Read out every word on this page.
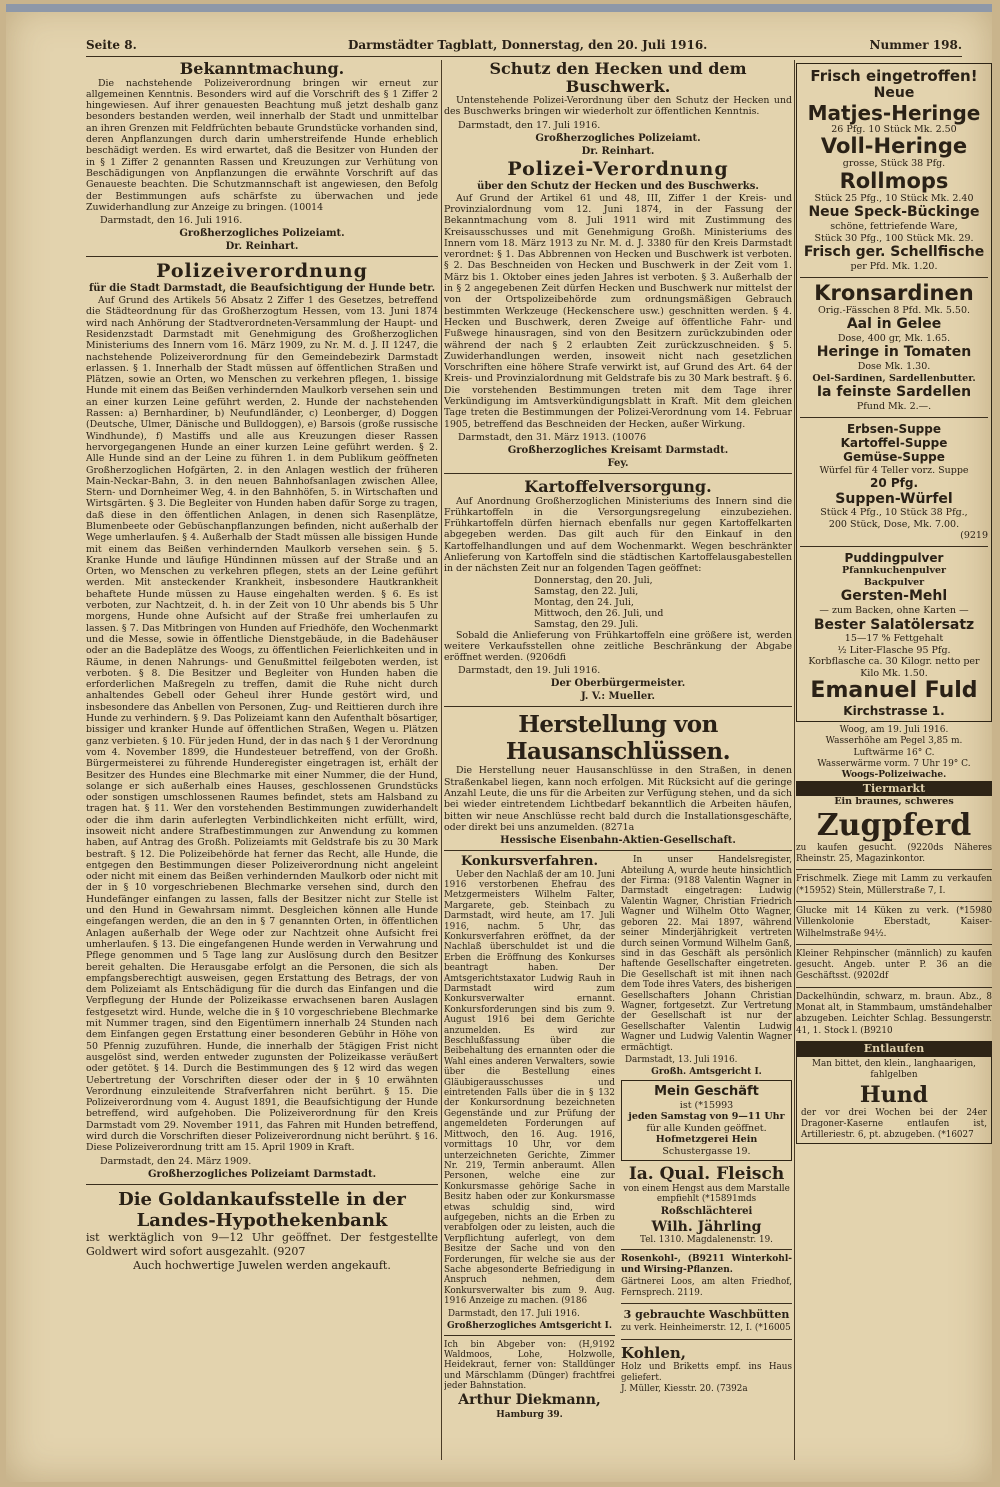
Seite 8.	Darmstädter Tagblatt, Donnerstag, den 20. Juli 1916.	Nummer 198.
Bekanntmachung.

Die nachstehende Polizeiverordnung bringen wir erneut zur allgemeinen Kenntnis. Besonders wird auf die Vorschrift des § 1 Ziffer 2 hingewiesen. Auf ihrer genauesten Beachtung muß jetzt deshalb ganz besonders bestanden werden, weil innerhalb der Stadt und unmittelbar an ihren Grenzen mit Feldfrüchten bebaute Grundstücke vorhanden sind, deren Anpflanzungen durch darin umherstreifende Hunde erheblich beschädigt werden. Es wird erwartet, daß die Besitzer von Hunden der in § 1 Ziffer 2 genannten Rassen und Kreuzungen zur Verhütung von Beschädigungen von Anpflanzungen die erwähnte Vorschrift auf das Genaueste beachten. Die Schutzmannschaft ist angewiesen, den Befolg der Bestimmungen aufs schärfste zu überwachen und jede Zuwiderhandlung zur Anzeige zu bringen. (10014

Darmstadt, den 16. Juli 1916.
Großherzogliches Polizeiamt.
Dr. Reinhart.
Polizeiverordnung
für die Stadt Darmstadt, die Beaufsichtigung der Hunde betr.

Auf Grund des Artikels 56 Absatz 2 Ziffer 1 des Gesetzes, betreffend die Städteordnung für das Großherzogtum Hessen, vom 13. Juni 1874 wird nach Anhörung der Stadtverordneten-Versammlung der Haupt- und Residenzstadt Darmstadt mit Genehmigung des Großherzoglichen Ministeriums des Innern vom 16. März 1909, zu Nr. M. d. J. II 1247, die nachstehende Polizeiverordnung für den Gemeindebezirk Darmstadt erlassen. § 1. Innerhalb der Stadt müssen auf öffentlichen Straßen und Plätzen, sowie an Orten, wo Menschen zu verkehren pflegen, 1. bissige Hunde mit einem das Beißen verhindernden Maulkorb versehen sein und an einer kurzen Leine geführt werden, 2. Hunde der nachstehenden Rassen: a) Bernhardiner, b) Neufundländer, c) Leonberger, d) Doggen (Deutsche, Ulmer, Dänische und Bulldoggen), e) Barsois (große russische Windhunde), f) Mastiffs und alle aus Kreuzungen dieser Rassen hervorgegangenen Hunde an einer kurzen Leine geführt werden. § 2. Alle Hunde sind an der Leine zu führen 1. in dem Publikum geöffneten Großherzoglichen Hofgärten, 2. in den Anlagen westlich der früheren Main-Neckar-Bahn, 3. in den neuen Bahnhofsanlagen zwischen Allee, Stern- und Dornheimer Weg, 4. in den Bahnhöfen, 5. in Wirtschaften und Wirtsgärten. § 3. Die Begleiter von Hunden haben dafür Sorge zu tragen, daß diese in den öffentlichen Anlagen, in denen sich Rasenplätze, Blumenbeete oder Gebüschanpflanzungen befinden, nicht außerhalb der Wege umherlaufen. § 4. Außerhalb der Stadt müssen alle bissigen Hunde mit einem das Beißen verhindernden Maulkorb versehen sein. § 5. Kranke Hunde und läufige Hündinnen müssen auf der Straße und an Orten, wo Menschen zu verkehren pflegen, stets an der Leine geführt werden. Mit ansteckender Krankheit, insbesondere Hautkrankheit behaftete Hunde müssen zu Hause eingehalten werden. § 6. Es ist verboten, zur Nachtzeit, d. h. in der Zeit von 10 Uhr abends bis 5 Uhr morgens, Hunde ohne Aufsicht auf der Straße frei umherlaufen zu lassen. § 7. Das Mitbringen von Hunden auf Friedhöfe, den Wochenmarkt und die Messe, sowie in öffentliche Dienstgebäude, in die Badehäuser oder an die Badeplätze des Woogs, zu öffentlichen Feierlichkeiten und in Räume, in denen Nahrungs- und Genußmittel feilgeboten werden, ist verboten. § 8. Die Besitzer und Begleiter von Hunden haben die erforderlichen Maßregeln zu treffen, damit die Ruhe nicht durch anhaltendes Gebell oder Geheul ihrer Hunde gestört wird, und insbesondere das Anbellen von Personen, Zug- und Reittieren durch ihre Hunde zu verhindern. § 9. Das Polizeiamt kann den Aufenthalt bösartiger, bissiger und kranker Hunde auf öffentlichen Straßen, Wegen u. Plätzen ganz verbieten. § 10. Für jeden Hund, der in das nach § 1 der Verordnung vom 4. November 1899, die Hundesteuer betreffend, von der Großh. Bürgermeisterei zu führende Hunderegister eingetragen ist, erhält der Besitzer des Hundes eine Blechmarke mit einer Nummer, die der Hund, solange er sich außerhalb eines Hauses, geschlossenen Grundstücks oder sonstigen umschlossenen Raumes befindet, stets am Halsband zu tragen hat. § 11. Wer den vorstehenden Bestimmungen zuwiderhandelt oder die ihm darin auferlegten Verbindlichkeiten nicht erfüllt, wird, insoweit nicht andere Strafbestimmungen zur Anwendung zu kommen haben, auf Antrag des Großh. Polizeiamts mit Geldstrafe bis zu 30 Mark bestraft. § 12. Die Polizeibehörde hat ferner das Recht, alle Hunde, die entgegen den Bestimmungen dieser Polizeiverordnung nicht angeleint oder nicht mit einem das Beißen verhindernden Maulkorb oder nicht mit der in § 10 vorgeschriebenen Blechmarke versehen sind, durch den Hundefänger einfangen zu lassen, falls der Besitzer nicht zur Stelle ist und den Hund in Gewahrsam nimmt. Desgleichen können alle Hunde eingefangen werden, die an den in § 7 genannten Orten, in öffentlichen Anlagen außerhalb der Wege oder zur Nachtzeit ohne Aufsicht frei umherlaufen. § 13. Die eingefangenen Hunde werden in Verwahrung und Pflege genommen und 5 Tage lang zur Auslösung durch den Besitzer bereit gehalten. Die Herausgabe erfolgt an die Personen, die sich als empfangsberechtigt ausweisen, gegen Erstattung des Betrags, der von dem Polizeiamt als Entschädigung für die durch das Einfangen und die Verpflegung der Hunde der Polizeikasse erwachsenen baren Auslagen festgesetzt wird. Hunde, welche die in § 10 vorgeschriebene Blechmarke mit Nummer tragen, sind den Eigentümern innerhalb 24 Stunden nach dem Einfangen gegen Erstattung einer besonderen Gebühr in Höhe von 50 Pfennig zuzuführen. Hunde, die innerhalb der 5tägigen Frist nicht ausgelöst sind, werden entweder zugunsten der Polizeikasse veräußert oder getötet. § 14. Durch die Bestimmungen des § 12 wird das wegen Uebertretung der Vorschriften dieser oder der in § 10 erwähnten Verordnung einzuleitende Strafverfahren nicht berührt. § 15. Die Polizeiverordnung vom 4. August 1891, die Beaufsichtigung der Hunde betreffend, wird aufgehoben. Die Polizeiverordnung für den Kreis Darmstadt vom 29. November 1911, das Fahren mit Hunden betreffend, wird durch die Vorschriften dieser Polizeiverordnung nicht berührt. § 16. Diese Polizeiverordnung tritt am 15. April 1909 in Kraft.

Darmstadt, den 24. März 1909.
Großherzogliches Polizeiamt Darmstadt.
Die Goldankaufsstelle in der
Landes-Hypothekenbank
ist werktäglich von 9—12 Uhr geöffnet. Der festgestellte Goldwert wird sofort ausgezahlt. (9207
Auch hochwertige Juwelen werden angekauft.
Schutz den Hecken und dem Buschwerk.

Untenstehende Polizei-Verordnung über den Schutz der Hecken und des Buschwerks bringen wir wiederholt zur öffentlichen Kenntnis.

Darmstadt, den 17. Juli 1916.
Großherzogliches Polizeiamt.
Dr. Reinhart.
Polizei-Verordnung
über den Schutz der Hecken und des Buschwerks.

Auf Grund der Artikel 61 und 48, III, Ziffer 1 der Kreis- und Provinzialordnung vom 12. Juni 1874, in der Fassung der Bekanntmachung vom 8. Juli 1911 wird mit Zustimmung des Kreisausschusses und mit Genehmigung Großh. Ministeriums des Innern vom 18. März 1913 zu Nr. M. d. J. 3380 für den Kreis Darmstadt verordnet: § 1. Das Abbrennen von Hecken und Buschwerk ist verboten. § 2. Das Beschneiden von Hecken und Buschwerk in der Zeit vom 1. März bis 1. Oktober eines jeden Jahres ist verboten. § 3. Außerhalb der in § 2 angegebenen Zeit dürfen Hecken und Buschwerk nur mittelst der von der Ortspolizeibehörde zum ordnungsmäßigen Gebrauch bestimmten Werkzeuge (Heckenschere usw.) geschnitten werden. § 4. Hecken und Buschwerk, deren Zweige auf öffentliche Fahr- und Fußwege hinausragen, sind von den Besitzern zurückzubinden oder während der nach § 2 erlaubten Zeit zurückzuschneiden. § 5. Zuwiderhandlungen werden, insoweit nicht nach gesetzlichen Vorschriften eine höhere Strafe verwirkt ist, auf Grund des Art. 64 der Kreis- und Provinzialordnung mit Geldstrafe bis zu 30 Mark bestraft. § 6. Die vorstehenden Bestimmungen treten mit dem Tage ihrer Verkündigung im Amtsverkündigungsblatt in Kraft. Mit dem gleichen Tage treten die Bestimmungen der Polizei-Verordnung vom 14. Februar 1905, betreffend das Beschneiden der Hecken, außer Wirkung.

Darmstadt, den 31. März 1913. (10076
Großherzogliches Kreisamt Darmstadt.
Fey.
Kartoffelversorgung.

Auf Anordnung Großherzoglichen Ministeriums des Innern sind die Frühkartoffeln in die Versorgungsregelung einzubeziehen. Frühkartoffeln dürfen hiernach ebenfalls nur gegen Kartoffelkarten abgegeben werden. Das gilt auch für den Einkauf in den Kartoffelhandlungen und auf dem Wochenmarkt. Wegen beschränkter Anlieferung von Kartoffeln sind die städtischen Kartoffelausgabestellen in der nächsten Zeit nur an folgenden Tagen geöffnet:

Donnerstag, den 20. Juli,
Samstag, den 22. Juli,
Montag, den 24. Juli,
Mittwoch, den 26. Juli, und
Samstag, den 29. Juli.

Sobald die Anlieferung von Frühkartoffeln eine größere ist, werden weitere Verkaufsstellen ohne zeitliche Beschränkung der Abgabe eröffnet werden. (9206dfi

Darmstadt, den 19. Juli 1916.
Der Oberbürgermeister.
J. V.: Mueller.
Herstellung von Hausanschlüssen.

Die Herstellung neuer Hausanschlüsse in den Straßen, in denen Straßenkabel liegen, kann noch erfolgen. Mit Rücksicht auf die geringe Anzahl Leute, die uns für die Arbeiten zur Verfügung stehen, und da sich bei wieder eintretendem Lichtbedarf bekanntlich die Arbeiten häufen, bitten wir neue Anschlüsse recht bald durch die Installationsgeschäfte, oder direkt bei uns anzumelden. (8271a

Hessische Eisenbahn-Aktien-Gesellschaft.
Konkursverfahren.

Ueber den Nachlaß der am 10. Juni 1916 verstorbenen Ehefrau des Metzgermeisters Wilhelm Falter, Margarete, geb. Steinbach zu Darmstadt, wird heute, am 17. Juli 1916, nachm. 5 Uhr, das Konkursverfahren eröffnet, da der Nachlaß überschuldet ist und die Erben die Eröffnung des Konkurses beantragt haben. Der Amtsgerichtstaxator Ludwig Rauh in Darmstadt wird zum Konkursverwalter ernannt. Konkursforderungen sind bis zum 9. August 1916 bei dem Gerichte anzumelden. Es wird zur Beschlußfassung über die Beibehaltung des ernannten oder die Wahl eines anderen Verwalters, sowie über die Bestellung eines Gläubigerausschusses und eintretenden Falls über die in § 132 der Konkursordnung bezeichneten Gegenstände und zur Prüfung der angemeldeten Forderungen auf Mittwoch, den 16. Aug. 1916, vormittags 10 Uhr, vor dem unterzeichneten Gerichte, Zimmer Nr. 219, Termin anberaumt. Allen Personen, welche eine zur Konkursmasse gehörige Sache in Besitz haben oder zur Konkursmasse etwas schuldig sind, wird aufgegeben, nichts an die Erben zu verabfolgen oder zu leisten, auch die Verpflichtung auferlegt, von dem Besitze der Sache und von den Forderungen, für welche sie aus der Sache abgesonderte Befriedigung in Anspruch nehmen, dem Konkursverwalter bis zum 9. Aug. 1916 Anzeige zu machen. (9186

Darmstadt, den 17. Juli 1916.
Großherzogliches Amtsgericht I.
Ich bin Abgeber von: (H,9192 Waldmoos, Lohe, Holzwolle, Heidekraut, ferner von: Stalldünger und Märschlamm (Dünger) frachtfrei jeder Bahnstation.
Arthur Diekmann,
Hamburg 39.

In unser Handelsregister, Abteilung A, wurde heute hinsichtlich der Firma: (9188 Valentin Wagner in Darmstadt eingetragen: Ludwig Valentin Wagner, Christian Friedrich Wagner und Wilhelm Otto Wagner, geboren 22. Mai 1897, während seiner Minderjährigkeit vertreten durch seinen Vormund Wilhelm Ganß, sind in das Geschäft als persönlich haftende Gesellschafter eingetreten. Die Gesellschaft ist mit ihnen nach dem Tode ihres Vaters, des bisherigen Gesellschafters Johann Christian Wagner, fortgesetzt. Zur Vertretung der Gesellschaft ist nur der Gesellschafter Valentin Ludwig Wagner und Ludwig Valentin Wagner ermächtigt.

Darmstadt, 13. Juli 1916.
Großh. Amtsgericht I.
Mein Geschäft
ist (*15993
jeden Samstag von 9—11 Uhr
für alle Kunden geöffnet.
Hofmetzgerei Hein
Schustergasse 19.
Ia. Qual. Fleisch
von einem Hengst aus dem Marstalle empfiehlt (*15891mds
Roßschlächterei
Wilh. Jährling
Tel. 1310. Magdalenenstr. 19.
Rosenkohl-, (B9211 Winterkohl- und Wirsing-Pflanzen.
Gärtnerei Loos, am alten Friedhof, Fernsprech. 2119.
3 gebrauchte Waschbütten
zu verk. Heinheimerstr. 12, I. (*16005
Kohlen,
Holz und Briketts empf. ins Haus geliefert.
J. Müller, Kiesstr. 20. (7392a
Frisch eingetroffen!
Neue
Matjes-Heringe
26 Pfg. 10 Stück Mk. 2.50
Voll-Heringe
grosse, Stück 38 Pfg.
Rollmops
Stück 25 Pfg., 10 Stück Mk. 2.40
Neue Speck-Bückinge
schöne, fettriefende Ware,
Stück 30 Pfg., 100 Stück Mk. 29.
Frisch ger. Schellfische
per Pfd. Mk. 1.20.
Kronsardinen
Orig.-Fässchen 8 Pfd. Mk. 5.50.
Aal in Gelee
Dose, 400 gr, Mk. 1.65.
Heringe in Tomaten
Dose Mk. 1.30.
Oel-Sardinen, Sardellenbutter.
Ia feinste Sardellen
Pfund Mk. 2.—.
Erbsen-Suppe
Kartoffel-Suppe
Gemüse-Suppe
Würfel für 4 Teller vorz. Suppe
20 Pfg.
Suppen-Würfel
Stück 4 Pfg., 10 Stück 38 Pfg.,
200 Stück, Dose, Mk. 7.00.
(9219
Puddingpulver
Pfannkuchenpulver
Backpulver
Gersten-Mehl
— zum Backen, ohne Karten —
Bester Salatölersatz
15—17 % Fettgehalt
½ Liter-Flasche 95 Pfg.
Korbflasche ca. 30 Kilogr. netto per Kilo Mk. 1.50.
Emanuel Fuld
Kirchstrasse 1.
Woog, am 19. Juli 1916.
Wasserhöhe am Pegel 3,85 m.
Luftwärme 16° C.
Wasserwärme vorm. 7 Uhr 19° C.
Woogs-Polizeiwache.
Tiermarkt
Ein braunes, schweres
Zugpferd
zu kaufen gesucht. (9220ds Näheres Rheinstr. 25, Magazinkontor.
Frischmelk. Ziege mit Lamm zu verkaufen (*15952) Stein, Müllerstraße 7, I.
Glucke mit 14 Küken zu verk. (*15980 Villenkolonie Eberstadt, Kaiser-Wilhelmstraße 94½.
Kleiner Rehpinscher (männlich) zu kaufen gesucht. Angeb. unter P. 36 an die Geschäftsst. (9202df
Dackelhündin, schwarz, m. braun. Abz., 8 Monat alt, in Stammbaum, umständehalber abzugeben. Leichter Schlag. Bessungerstr. 41, 1. Stock l. (B9210
Entlaufen
Man bittet, den klein., langhaarigen, fahlgelben
Hund
der vor drei Wochen bei der 24er Dragoner-Kaserne entlaufen ist, Artilleriestr. 6, pt. abzugeben. (*16027
